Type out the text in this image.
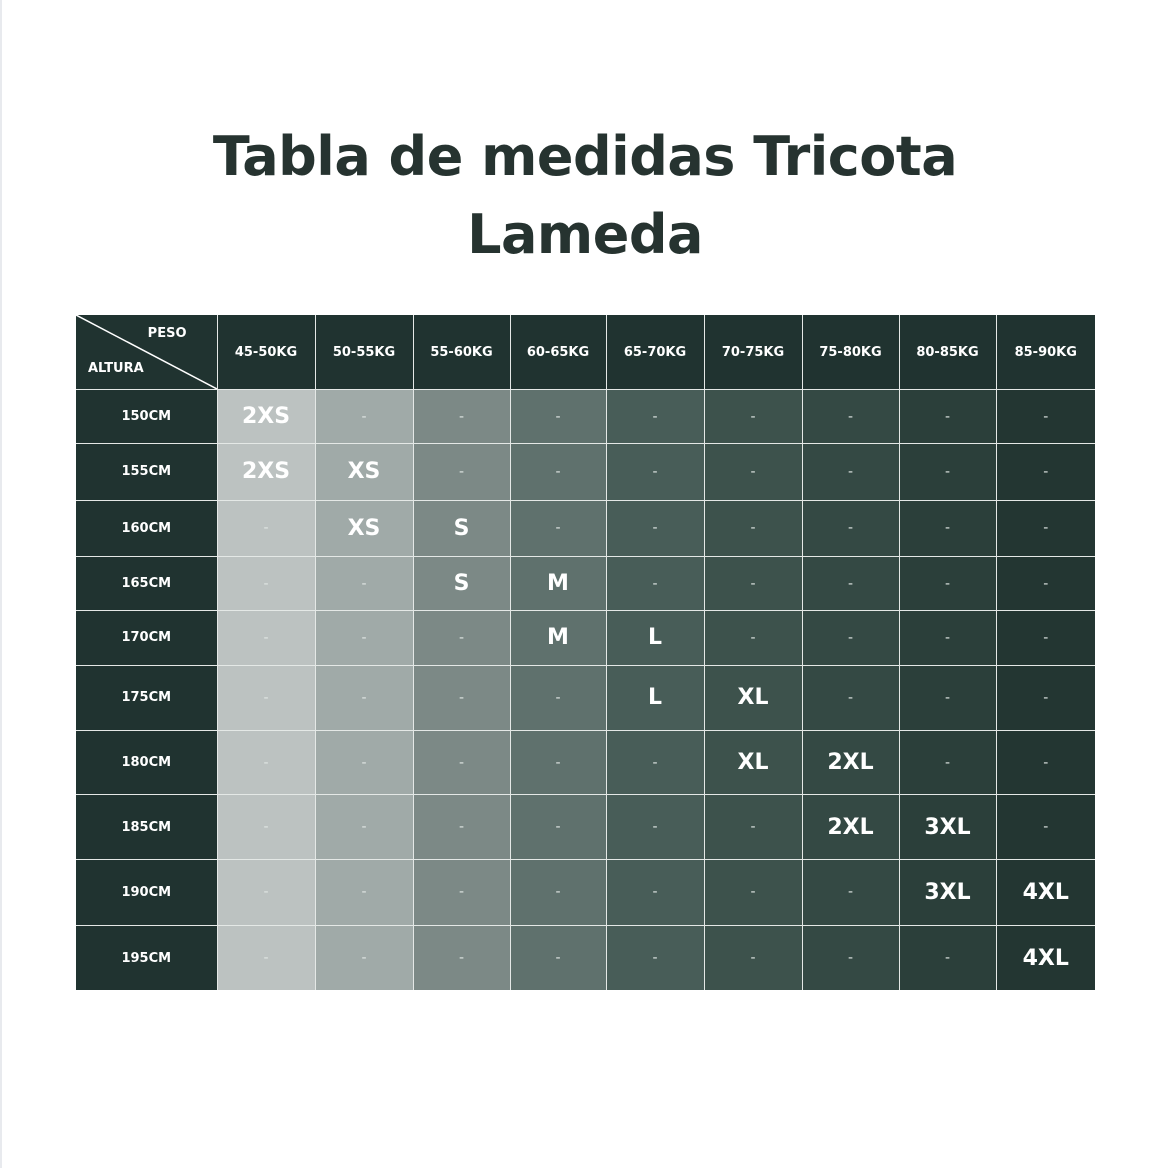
Tabla de medidas Tricota
Lameda
PESO
ALTURA	45-50KG	50-55KG	55-60KG	60-65KG	65-70KG	70-75KG	75-80KG	80-85KG	85-90KG
150CM	2XS	-	-	-	-	-	-	-	-
155CM	2XS	XS	-	-	-	-	-	-	-
160CM	-	XS	S	-	-	-	-	-	-
165CM	-	-	S	M	-	-	-	-	-
170CM	-	-	-	M	L	-	-	-	-
175CM	-	-	-	-	L	XL	-	-	-
180CM	-	-	-	-	-	XL	2XL	-	-
185CM	-	-	-	-	-	-	2XL	3XL	-
190CM	-	-	-	-	-	-	-	3XL	4XL
195CM	-	-	-	-	-	-	-	-	4XL
